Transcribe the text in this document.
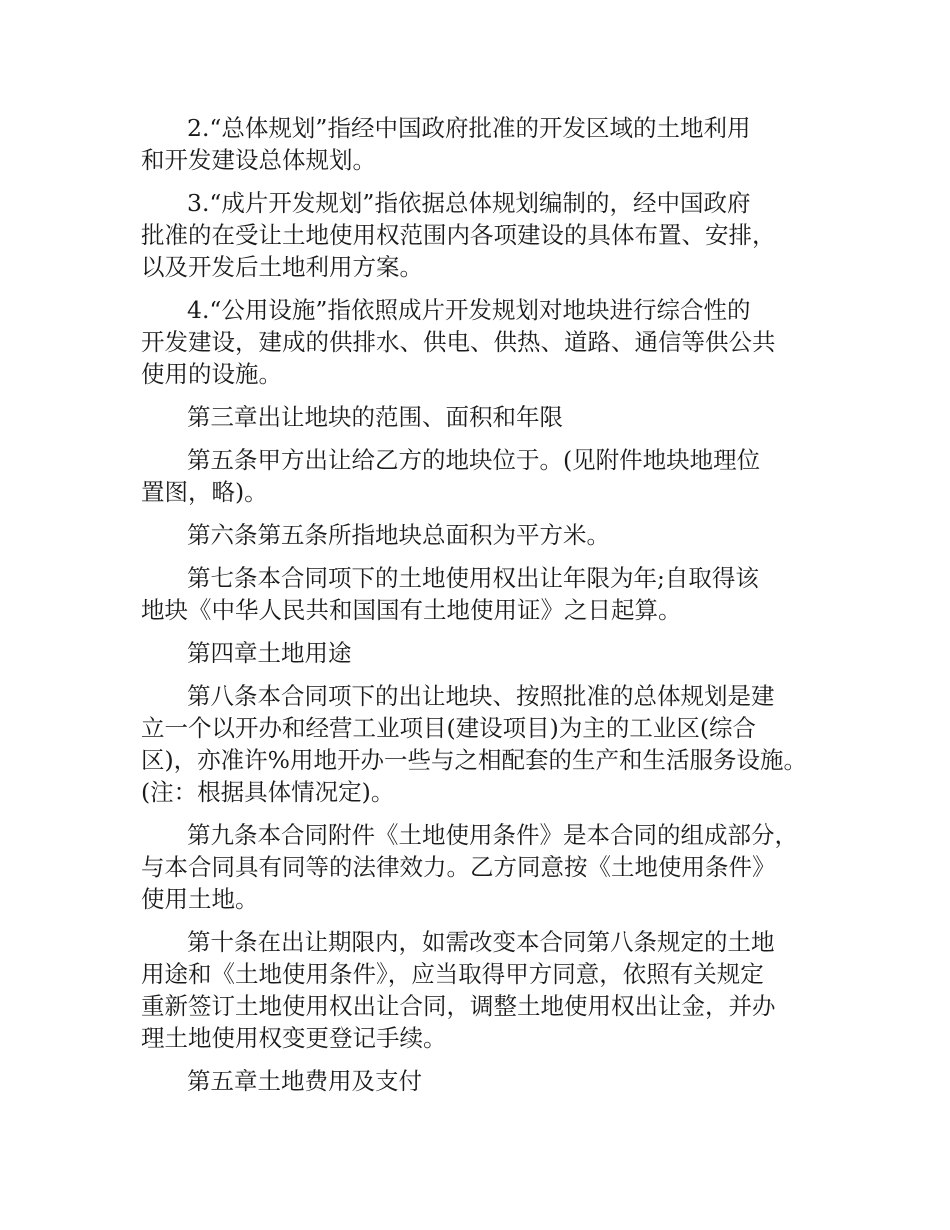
2.“总体规划”指经中国政府批准的开发区域的土地利用
和开发建设总体规划。
3.“成片开发规划”指依据总体规划编制的，经中国政府
批准的在受让土地使用权范围内各项建设的具体布置、安排，
以及开发后土地利用方案。
4.“公用设施”指依照成片开发规划对地块进行综合性的
开发建设，建成的供排水、供电、供热、道路、通信等供公共
使用的设施。
第三章出让地块的范围、面积和年限
第五条甲方出让给乙方的地块位于。(见附件地块地理位
置图，略)。
第六条第五条所指地块总面积为平方米。
第七条本合同项下的土地使用权出让年限为年;自取得该
地块《中华人民共和国国有土地使用证》之日起算。
第四章土地用途
第八条本合同项下的出让地块、按照批准的总体规划是建
立一个以开办和经营工业项目(建设项目)为主的工业区(综合
区)，亦准许%用地开办一些与之相配套的生产和生活服务设施。
(注：根据具体情况定)。
第九条本合同附件《土地使用条件》是本合同的组成部分，
与本合同具有同等的法律效力。乙方同意按《土地使用条件》
使用土地。
第十条在出让期限内，如需改变本合同第八条规定的土地
用途和《土地使用条件》，应当取得甲方同意，依照有关规定
重新签订土地使用权出让合同，调整土地使用权出让金，并办
理土地使用权变更登记手续。
第五章土地费用及支付
